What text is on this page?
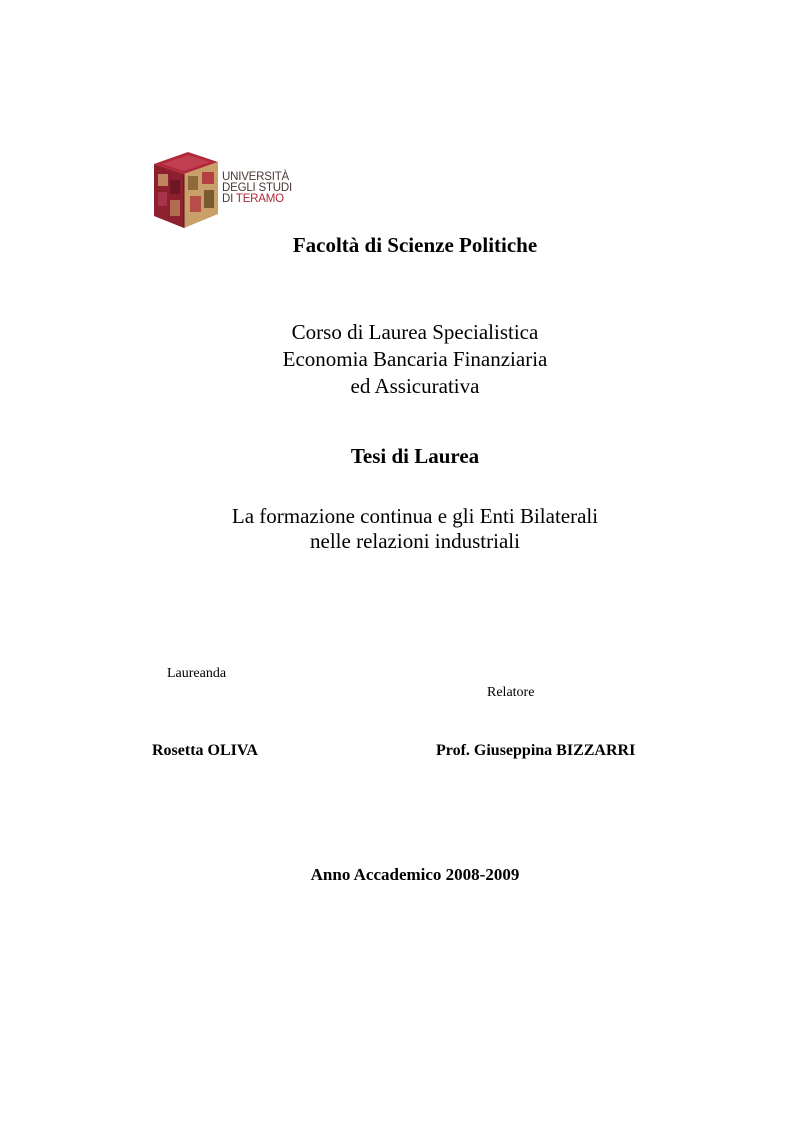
UNIVERSITÀ
DEGLI STUDI
DI TERAMO
Facoltà di Scienze Politiche
Corso di Laurea Specialistica
Economia Bancaria Finanziaria
ed Assicurativa
Tesi di Laurea
La formazione continua e gli Enti Bilaterali
nelle relazioni industriali
Laureanda
Rosetta OLIVA
Relatore
Prof. Giuseppina BIZZARRI
Anno Accademico 2008-2009
